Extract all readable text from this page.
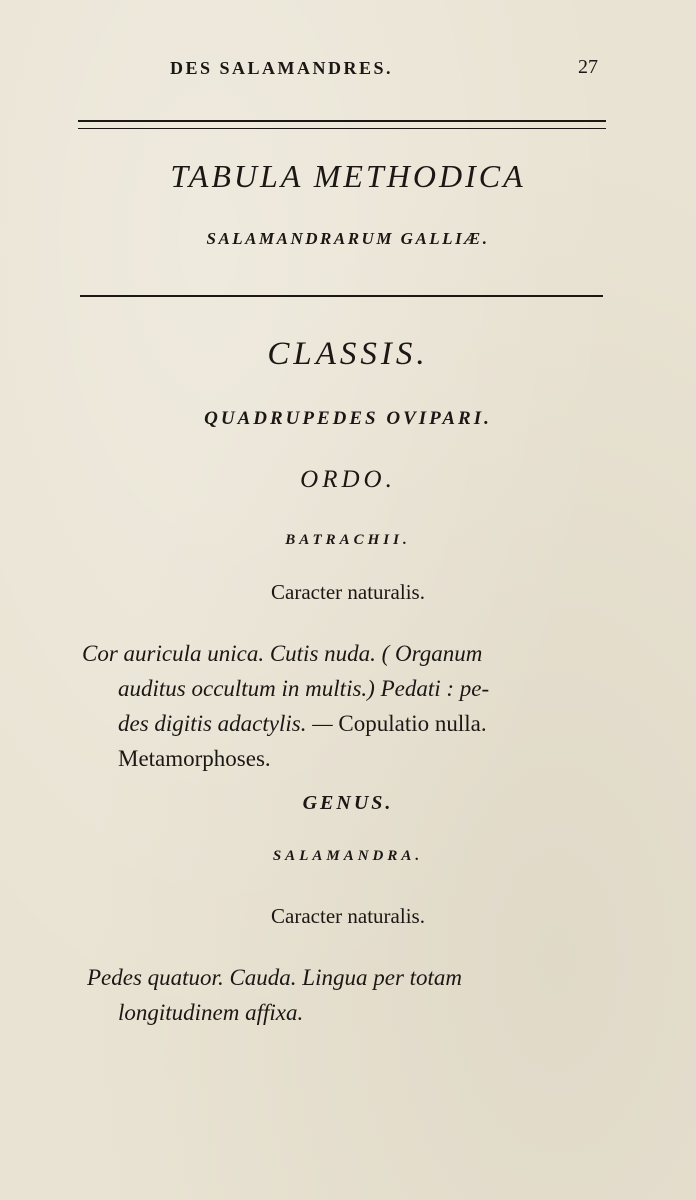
DES SALAMANDRES.	27
TABULA METHODICA
SALAMANDRARUM GALLIÆ.
CLASSIS.
QUADRUPEDES OVIPARI.
ORDO.
BATRACHII.
Caracter naturalis.
Cor auricula unica. Cutis nuda. ( Organum
auditus occultum in multis.) Pedati : pe-
des digitis adactylis. — Copulatio nulla.
Metamorphoses.
GENUS.
SALAMANDRA.
Caracter naturalis.
Pedes quatuor. Cauda. Lingua per totam
longitudinem affixa.
